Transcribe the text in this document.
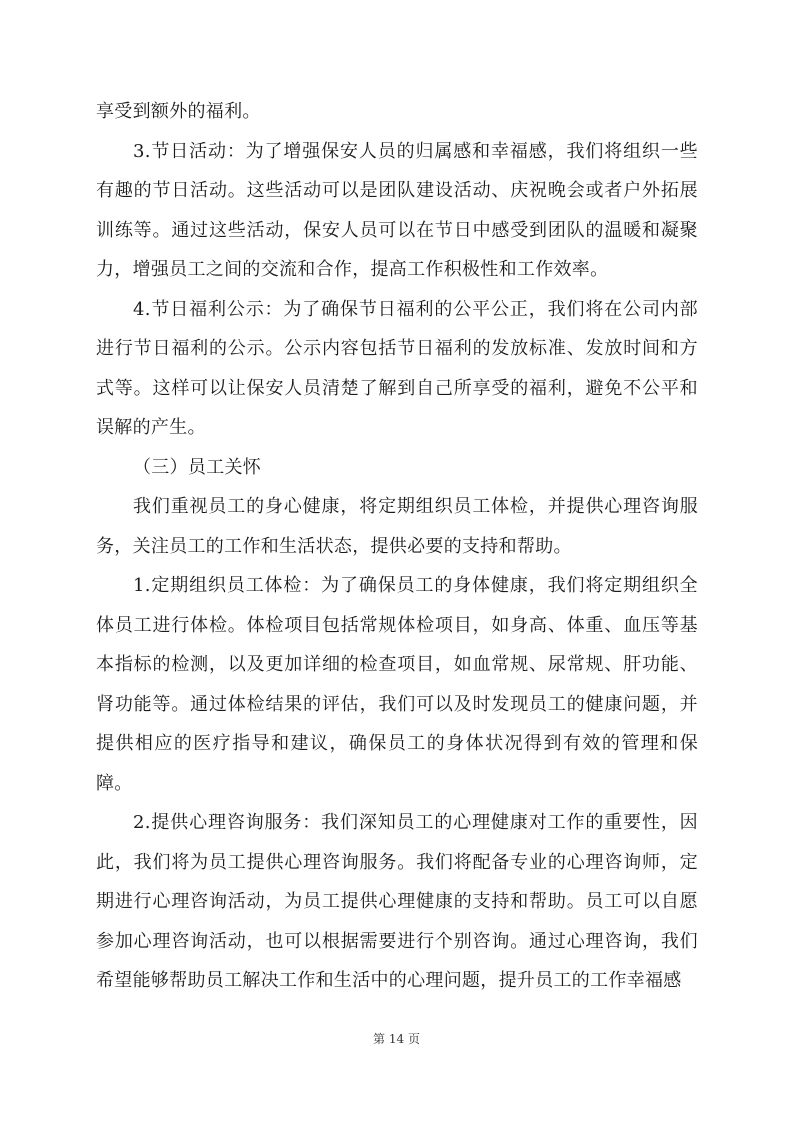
享受到额外的福利。

3.节日活动：为了增强保安人员的归属感和幸福感，我们将组织一些有趣的节日活动。这些活动可以是团队建设活动、庆祝晚会或者户外拓展训练等。通过这些活动，保安人员可以在节日中感受到团队的温暖和凝聚力，增强员工之间的交流和合作，提高工作积极性和工作效率。

4.节日福利公示：为了确保节日福利的公平公正，我们将在公司内部进行节日福利的公示。公示内容包括节日福利的发放标准、发放时间和方式等。这样可以让保安人员清楚了解到自己所享受的福利，避免不公平和误解的产生。

（三）员工关怀

我们重视员工的身心健康，将定期组织员工体检，并提供心理咨询服务，关注员工的工作和生活状态，提供必要的支持和帮助。

1.定期组织员工体检：为了确保员工的身体健康，我们将定期组织全体员工进行体检。体检项目包括常规体检项目，如身高、体重、血压等基本指标的检测，以及更加详细的检查项目，如血常规、尿常规、肝功能、肾功能等。通过体检结果的评估，我们可以及时发现员工的健康问题，并提供相应的医疗指导和建议，确保员工的身体状况得到有效的管理和保障。

2.提供心理咨询服务：我们深知员工的心理健康对工作的重要性，因此，我们将为员工提供心理咨询服务。我们将配备专业的心理咨询师，定期进行心理咨询活动，为员工提供心理健康的支持和帮助。员工可以自愿参加心理咨询活动，也可以根据需要进行个别咨询。通过心理咨询，我们希望能够帮助员工解决工作和生活中的心理问题，提升员工的工作幸福感

第 14 页
